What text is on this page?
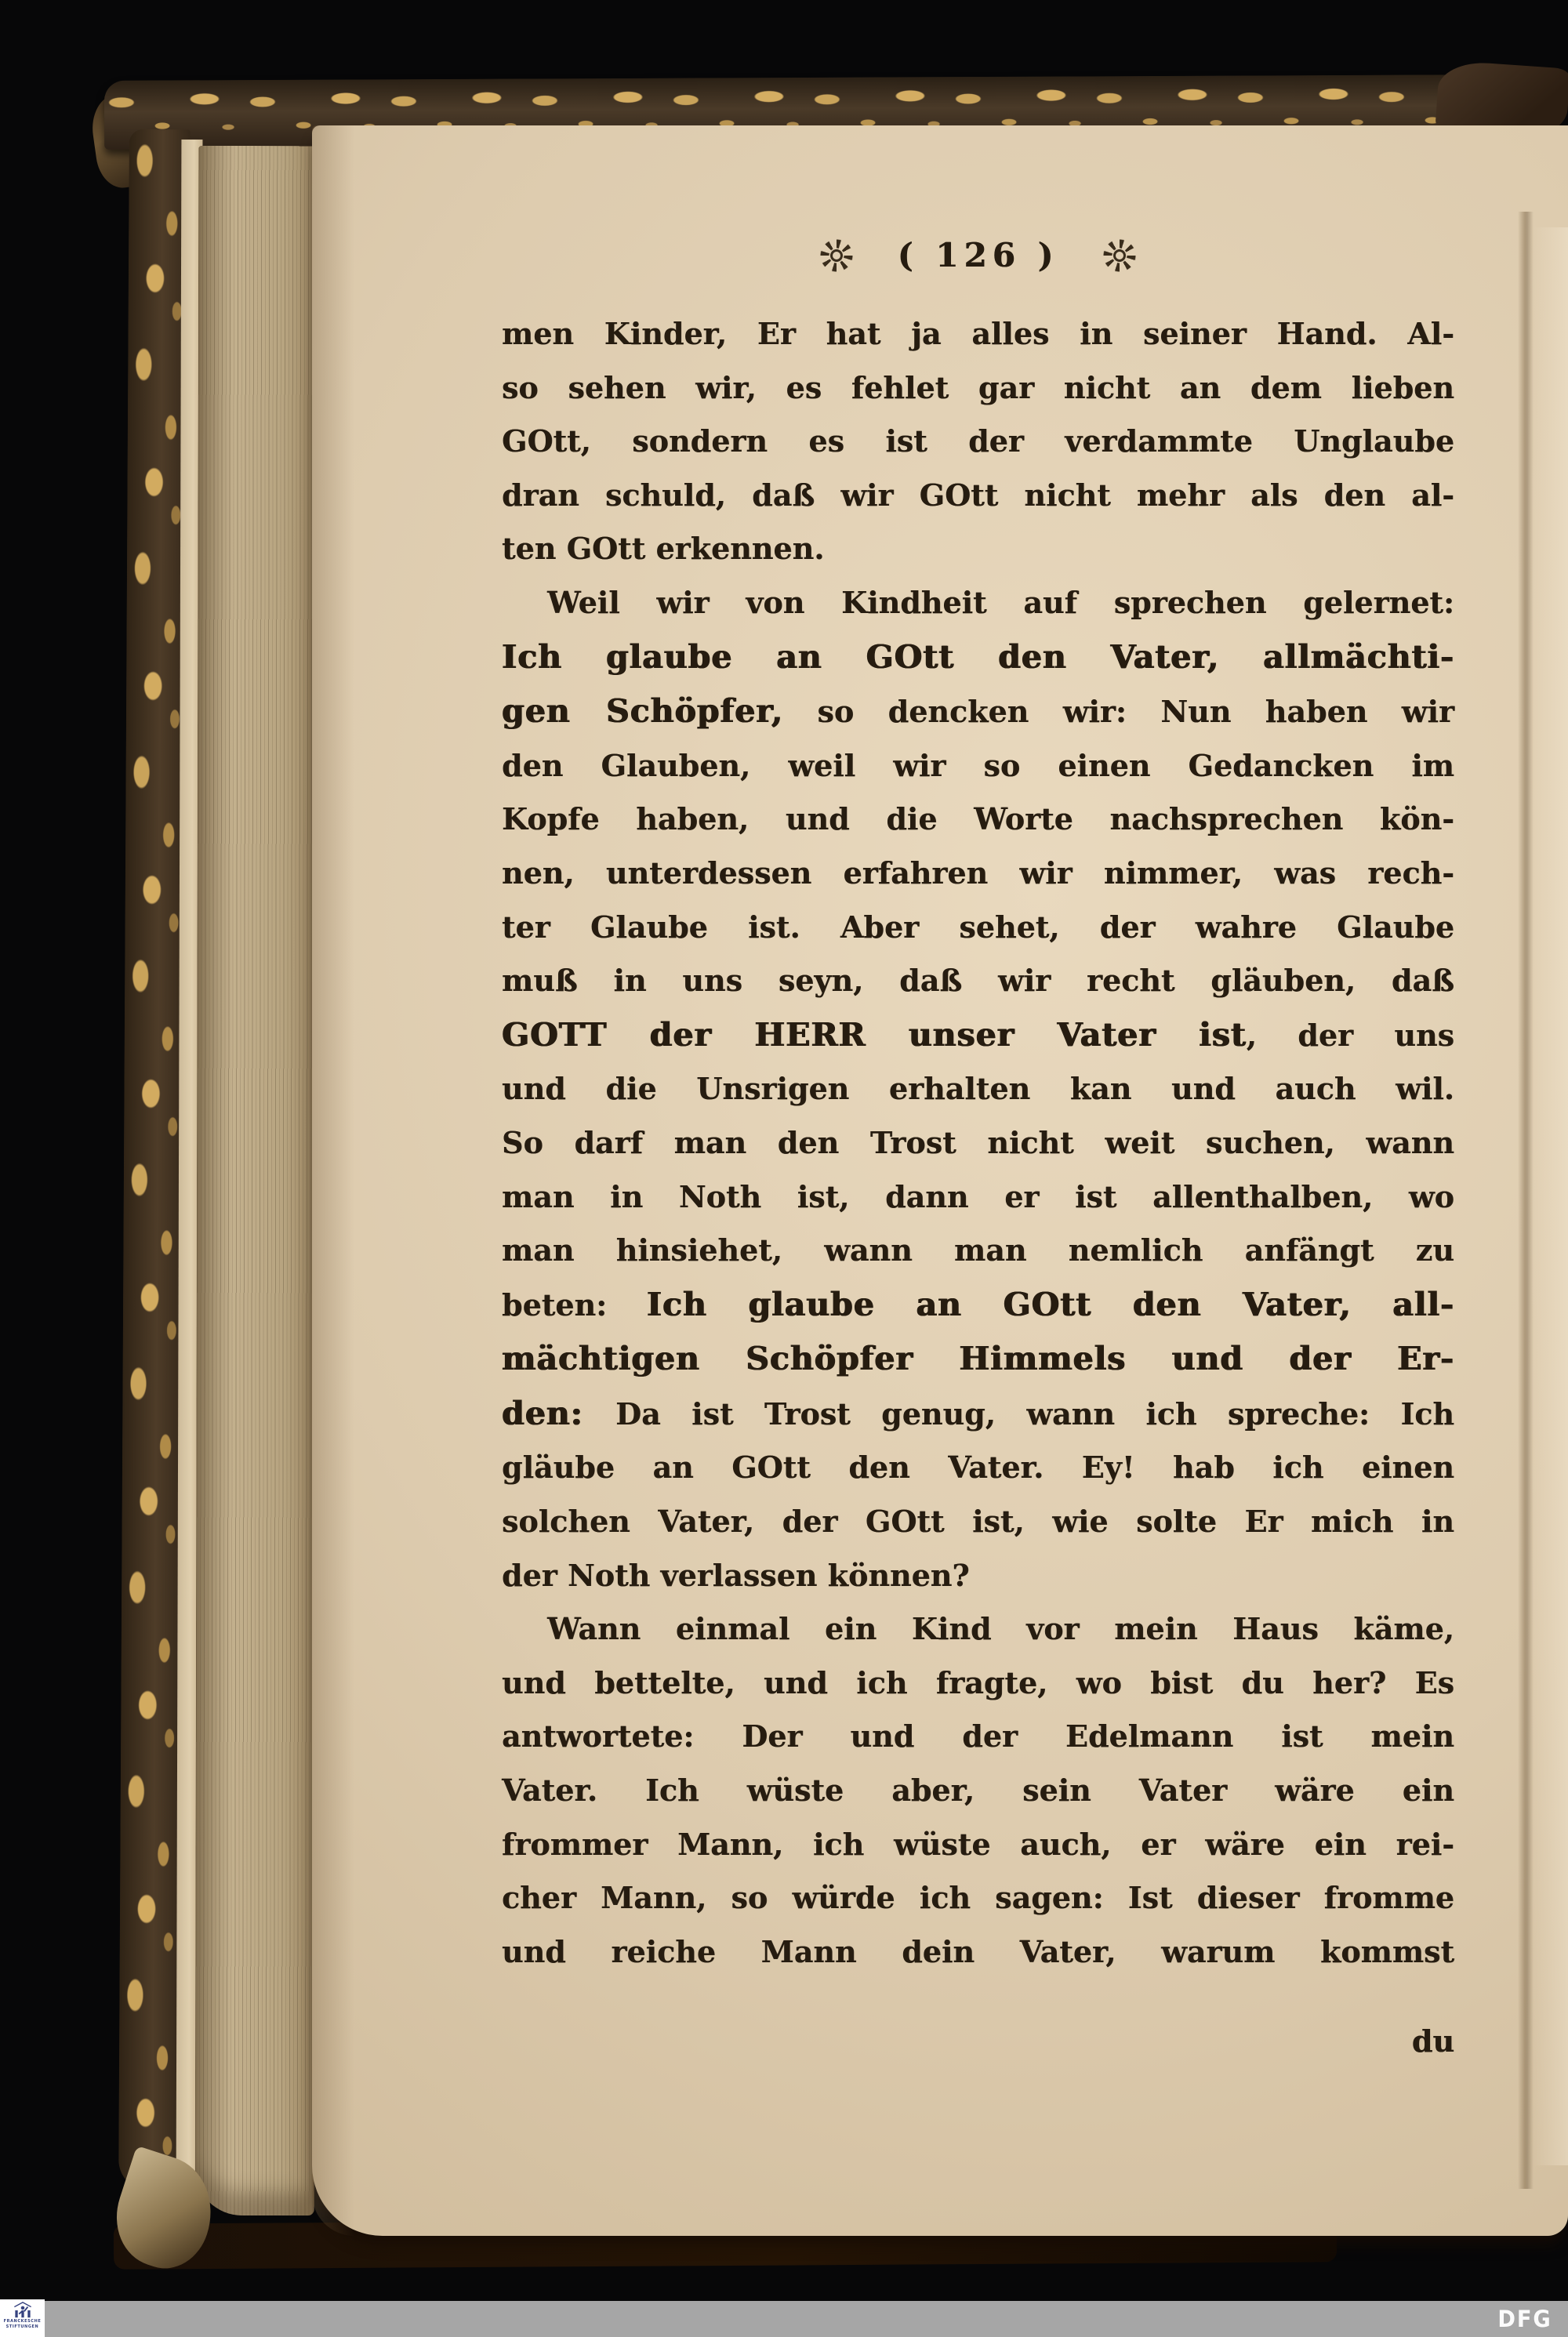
( 126 )
men Kinder, Er hat ja alles in seiner Hand. Al-
so sehen wir, es fehlet gar nicht an dem lieben
GOtt, sondern es ist der verdammte Unglaube
dran schuld, daß wir GOtt nicht mehr als den al-
ten GOtt erkennen.
Weil wir von Kindheit auf sprechen gelernet:
Ich glaube an GOtt den Vater, allmächti-
gen Schöpfer, so dencken wir: Nun haben wir
den Glauben, weil wir so einen Gedancken im
Kopfe haben, und die Worte nachsprechen kön-
nen, unterdessen erfahren wir nimmer, was rech-
ter Glaube ist. Aber sehet, der wahre Glaube
muß in uns seyn, daß wir recht gläuben, daß
GOTT der HERR unser Vater ist, der uns
und die Unsrigen erhalten kan und auch wil.
So darf man den Trost nicht weit suchen, wann
man in Noth ist, dann er ist allenthalben, wo
man hinsiehet, wann man nemlich anfängt zu
beten: Ich glaube an GOtt den Vater, all-
mächtigen Schöpfer Himmels und der Er-
den: Da ist Trost genug, wann ich spreche: Ich
gläube an GOtt den Vater. Ey! hab ich einen
solchen Vater, der GOtt ist, wie solte Er mich in
der Noth verlassen können?
Wann einmal ein Kind vor mein Haus käme,
und bettelte, und ich fragte, wo bist du her? Es
antwortete: Der und der Edelmann ist mein
Vater. Ich wüste aber, sein Vater wäre ein
frommer Mann, ich wüste auch, er wäre ein rei-
cher Mann, so würde ich sagen: Ist dieser fromme
und reiche Mann dein Vater, warum kommst
du
FRANCKESCHE
STIFTUNGEN	DFG
